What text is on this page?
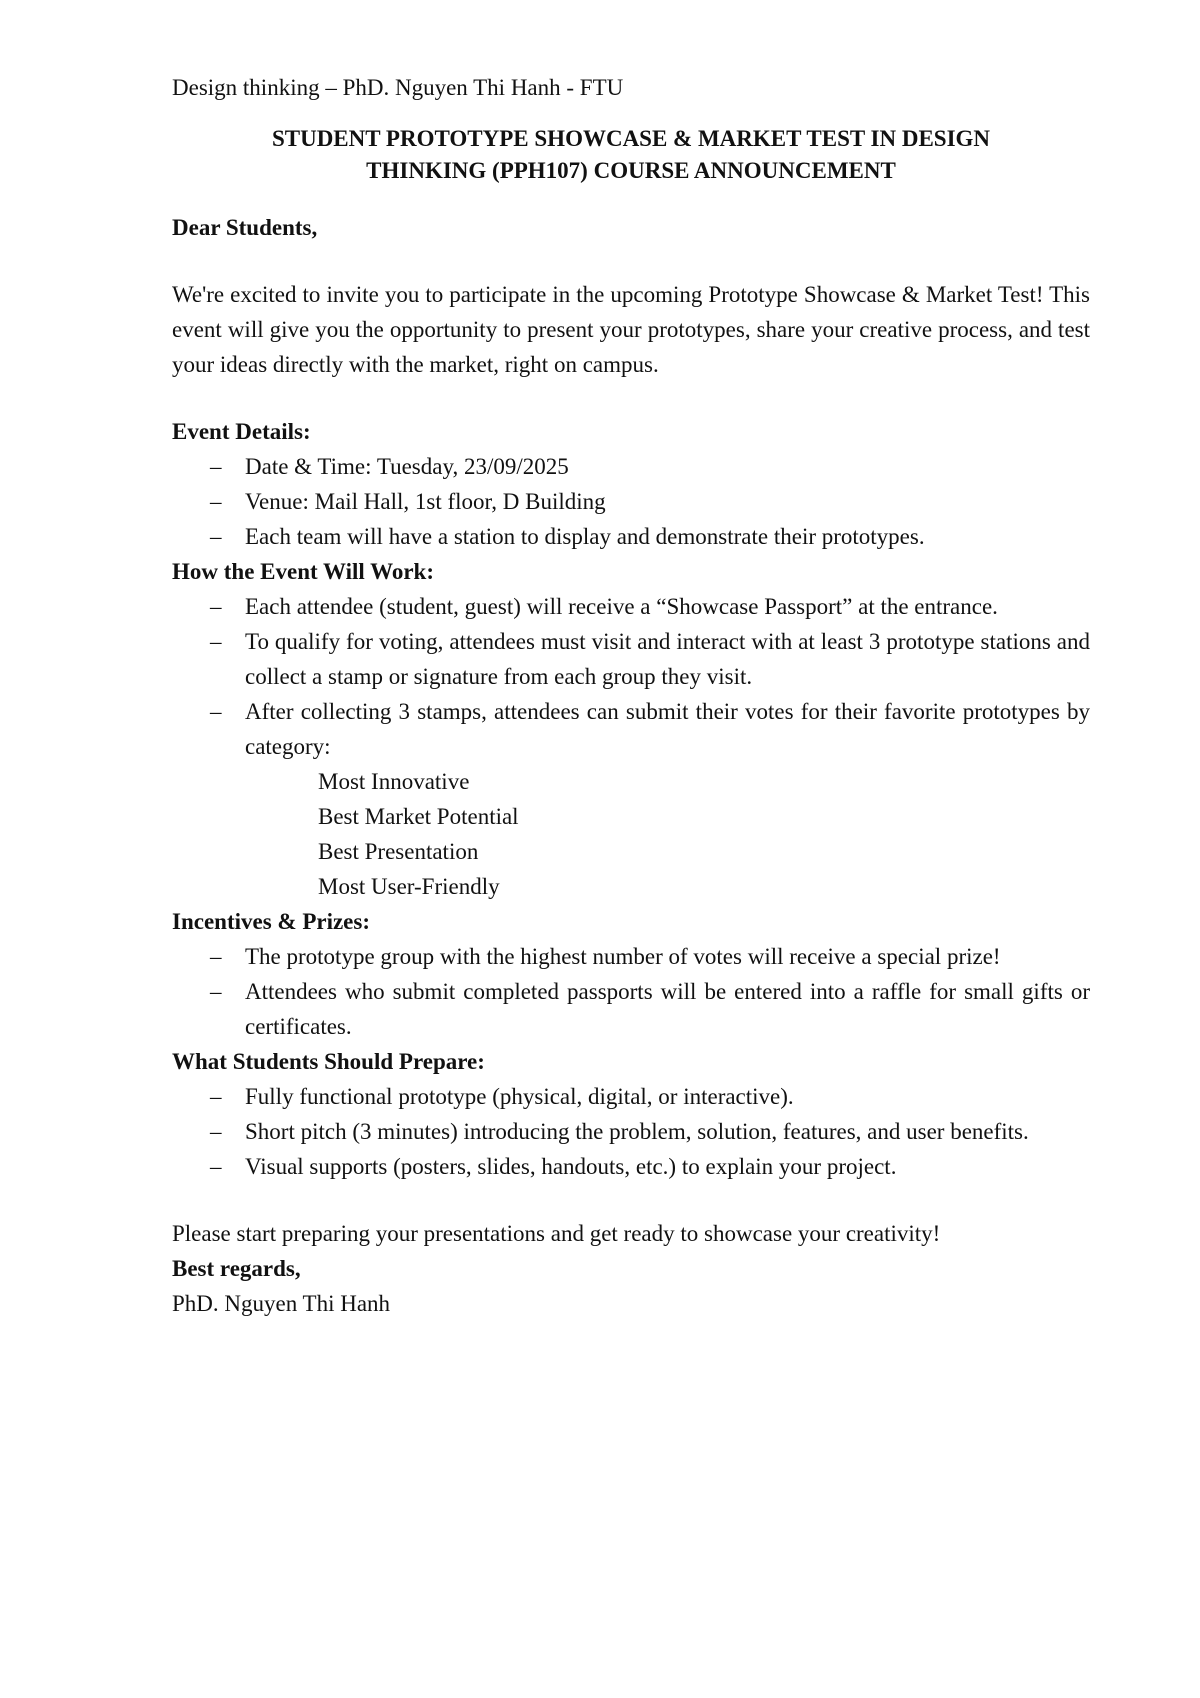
Design thinking – PhD. Nguyen Thi Hanh - FTU

STUDENT PROTOTYPE SHOWCASE & MARKET TEST IN DESIGN
THINKING (PPH107) COURSE ANNOUNCEMENT

Dear Students,

We're excited to invite you to participate in the upcoming Prototype Showcase & Market Test! This event will give you the opportunity to present your prototypes, share your creative process, and test your ideas directly with the market, right on campus.

Event Details:

– Date & Time: Tuesday, 23/09/2025
– Venue: Mail Hall, 1st floor, D Building
– Each team will have a station to display and demonstrate their prototypes.

How the Event Will Work:

– Each attendee (student, guest) will receive a “Showcase Passport” at the entrance.
– To qualify for voting, attendees must visit and interact with at least 3 prototype stations and collect a stamp or signature from each group they visit.
– After collecting 3 stamps, attendees can submit their votes for their favorite prototypes by category:
Most Innovative
Best Market Potential
Best Presentation
Most User-Friendly

Incentives & Prizes:

– The prototype group with the highest number of votes will receive a special prize!
– Attendees who submit completed passports will be entered into a raffle for small gifts or certificates.

What Students Should Prepare:

– Fully functional prototype (physical, digital, or interactive).
– Short pitch (3 minutes) introducing the problem, solution, features, and user benefits.
– Visual supports (posters, slides, handouts, etc.) to explain your project.

Please start preparing your presentations and get ready to showcase your creativity!

Best regards,

PhD. Nguyen Thi Hanh
